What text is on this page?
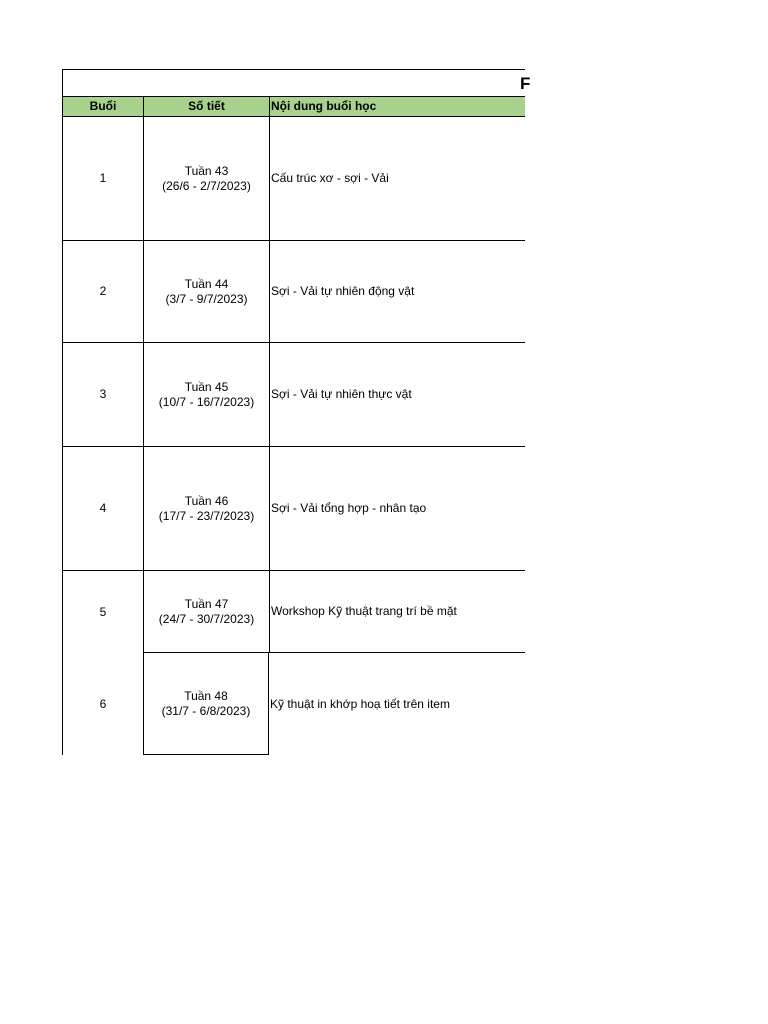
F
Buổi	Số tiết	Nội dung buổi học
1
Tuần 43
(26/6 - 2/7/2023)
Cấu trúc xơ - sợi - Vải
2
Tuần 44
(3/7 - 9/7/2023)
Sợi - Vải tự nhiên động vật
3
Tuần 45
(10/7 - 16/7/2023)
Sợi - Vải tự nhiên thực vật
4
Tuần 46
(17/7 - 23/7/2023)
Sợi - Vải tổng hợp - nhân tạo
5
Tuần 47
(24/7 - 30/7/2023)
Workshop Kỹ thuật trang trí bề mặt
6
Tuần 48
(31/7 - 6/8/2023) Kỹ thuật in khớp hoạ tiết trên item
